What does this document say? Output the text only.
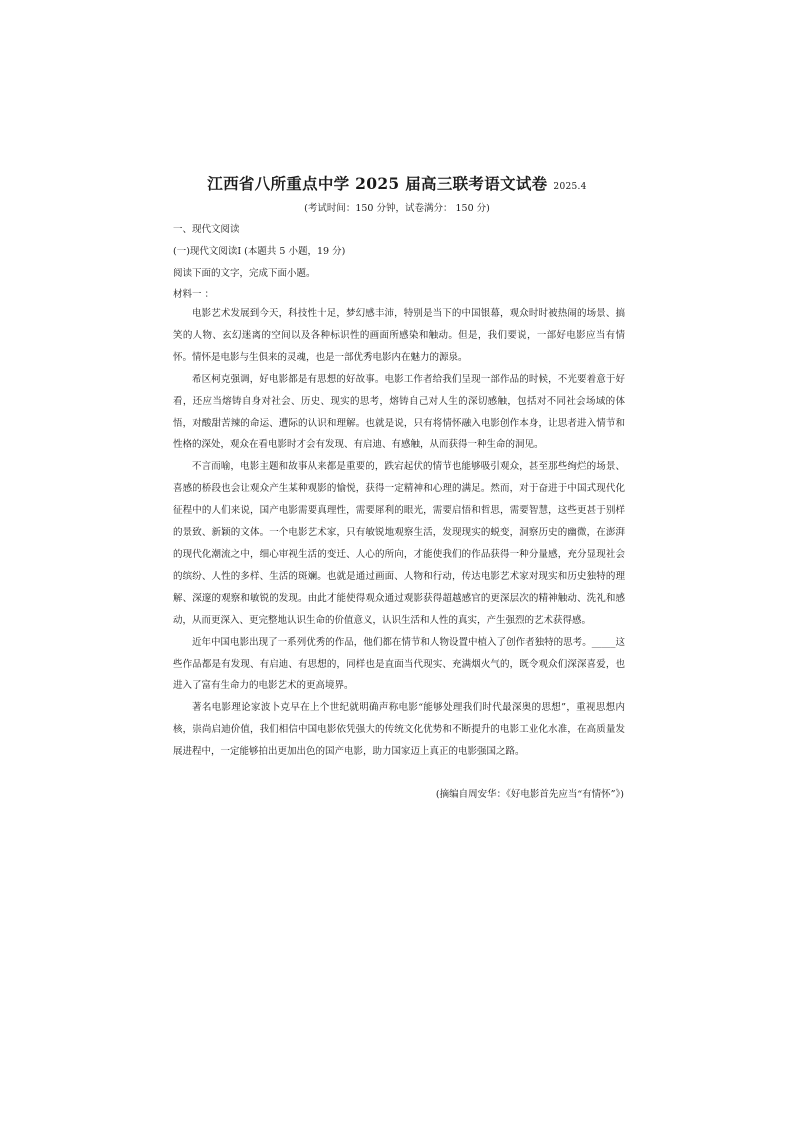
江西省八所重点中学 2025 届高三联考语文试卷 2025.4
(考试时间：150 分钟，试卷满分： 150 分)
一、现代文阅读
(一)现代文阅读I (本题共 5 小题，19 分)
阅读下面的文字，完成下面小题。
材料一 ：

电影艺术发展到今天，科技性十足，梦幻感丰沛，特别是当下的中国银幕，观众时时被热闹的场景、搞笑的人物、玄幻迷离的空间以及各种标识性的画面所感染和触动。但是，我们要说，一部好电影应当有情怀。情怀是电影与生俱来的灵魂，也是一部优秀电影内在魅力的源泉。

希区柯克强调，好电影都是有思想的好故事。电影工作者给我们呈现一部作品的时候，不光要着意于好看，还应当熔铸自身对社会、历史、现实的思考，熔铸自己对人生的深切感触，包括对不同社会场域的体悟，对酸甜苦辣的命运、遭际的认识和理解。也就是说，只有将情怀融入电影创作本身，让思者进入情节和性格的深处，观众在看电影时才会有发现、有启迪、有感触，从而获得一种生命的洞见。

不言而喻，电影主题和故事从来都是重要的，跌宕起伏的情节也能够吸引观众，甚至那些绚烂的场景、喜感的桥段也会让观众产生某种观影的愉悦，获得一定精神和心理的满足。然而，对于奋进于中国式现代化征程中的人们来说，国产电影需要真理性，需要犀利的眼光，需要启悟和哲思，需要智慧，这些更甚于别样的景致、新颖的文体。一个电影艺术家，只有敏锐地观察生活，发现现实的蜕变，洞察历史的幽微，在澎湃的现代化潮流之中，细心审视生活的变迁、人心的所向，才能使我们的作品获得一种分量感，充分显现社会的缤纷、人性的多样、生活的斑斓。也就是通过画面、人物和行动，传达电影艺术家对现实和历史独特的理解、深邃的观察和敏锐的发现。由此才能使得观众通过观影获得超越感官的更深层次的精神触动、洗礼和感动，从而更深入、更完整地认识生命的价值意义，认识生活和人性的真实，产生强烈的艺术获得感。

近年中国电影出现了一系列优秀的作品，他们都在情节和人物设置中植入了创作者独特的思考。_____这些作品都是有发现、有启迪、有思想的，同样也是直面当代现实、充满烟火气的，既令观众们深深喜爱，也进入了富有生命力的电影艺术的更高境界。

著名电影理论家波卜克早在上个世纪就明确声称电影“能够处理我们时代最深奥的思想”，重视思想内核，崇尚启迪价值，我们相信中国电影依凭强大的传统文化优势和不断提升的电影工业化水准，在高质量发展进程中，一定能够拍出更加出色的国产电影，助力国家迈上真正的电影强国之路。

(摘编自周安华：《好电影首先应当“有情怀”》)
